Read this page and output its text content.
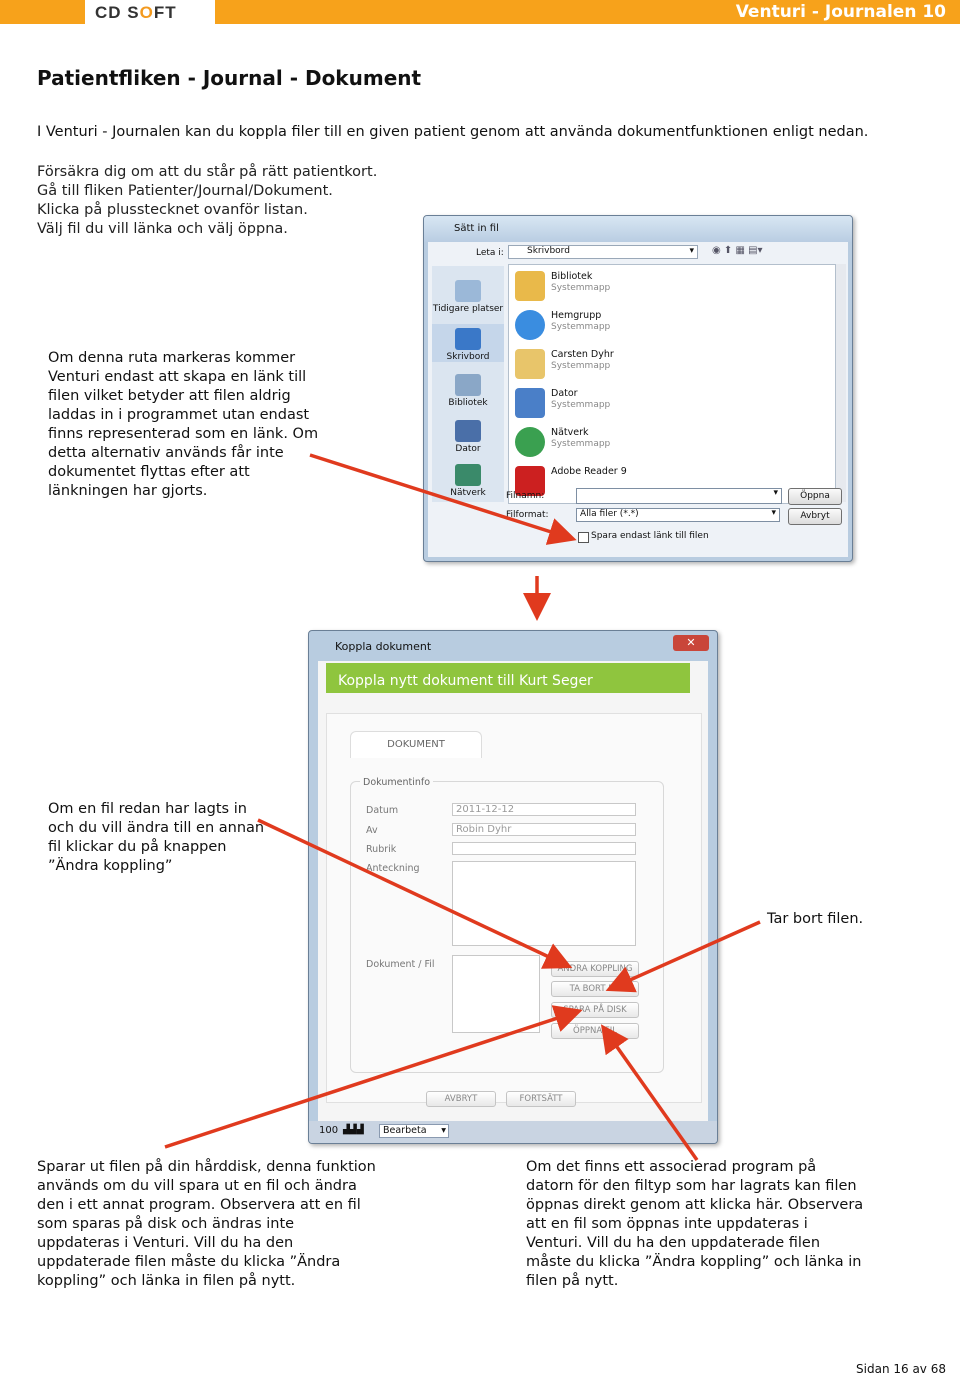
CD SOFT	Venturi - Journalen 10
Patientfliken - Journal - Dokument
I Venturi - Journalen kan du koppla filer till en given patient genom att använda dokumentfunktionen enligt nedan.
Försäkra dig om att du står på rätt patientkort.
Gå till fliken Patienter/Journal/Dokument.
Klicka på plusstecknet ovanför listan.
Välj fil du vill länka och välj öppna.
Om denna ruta markeras kommer
Venturi endast att skapa en länk till
filen vilket betyder att filen aldrig
laddas in i programmet utan endast
finns representerad som en länk. Om
detta alternativ används får inte
dokumentet flyttas efter att
länkningen har gjorts.
Om en fil redan har lagts in
och du vill ändra till en annan
fil klickar du på knappen
”Ändra koppling”
Tar bort filen.
Sparar ut filen på din hårddisk, denna funktion
används om du vill spara ut en fil och ändra
den i ett annat program. Observera att en fil
som sparas på disk och ändras inte
uppdateras i Venturi. Vill du ha den
uppdaterade filen måste du klicka ”Ändra
koppling” och länka in filen på nytt.
Om det finns ett associerad program på
datorn för den filtyp som har lagrats kan filen
öppnas direkt genom att klicka här. Observera
att en fil som öppnas inte uppdateras i
Venturi. Vill du ha den uppdaterade filen
måste du klicka ”Ändra koppling” och länka in
filen på nytt.
Sätt in fil
Leta i:	Skrivbord	▾ ◉ ⬆ ▦ ▤▾
Tidigare platser
Skrivbord
Bibliotek
Dator
Nätverk
Bibliotek
Systemmapp
Hemgrupp
Systemmapp
Carsten Dyhr
Systemmapp
Dator
Systemmapp
Nätverk
Systemmapp
Adobe Reader 9
Filnamn:	▾
Filformat:	Alla filer (*.*)	▾
Öppna
Avbryt
Spara endast länk till filen
Koppla dokument	✕
Koppla nytt dokument till Kurt Seger
DOKUMENT
Dokumentinfo
Datum	2011-12-12
Av	Robin Dyhr
Rubrik
Anteckning
Dokument / Fil	ÄNDRA KOPPLING
TA BORT FIL
SPARA PÅ DISK
ÖPPNA FIL
AVBRYT	FORTSÄTT
100 ▟▟▟	Bearbeta ▾
Sidan 16 av 68
